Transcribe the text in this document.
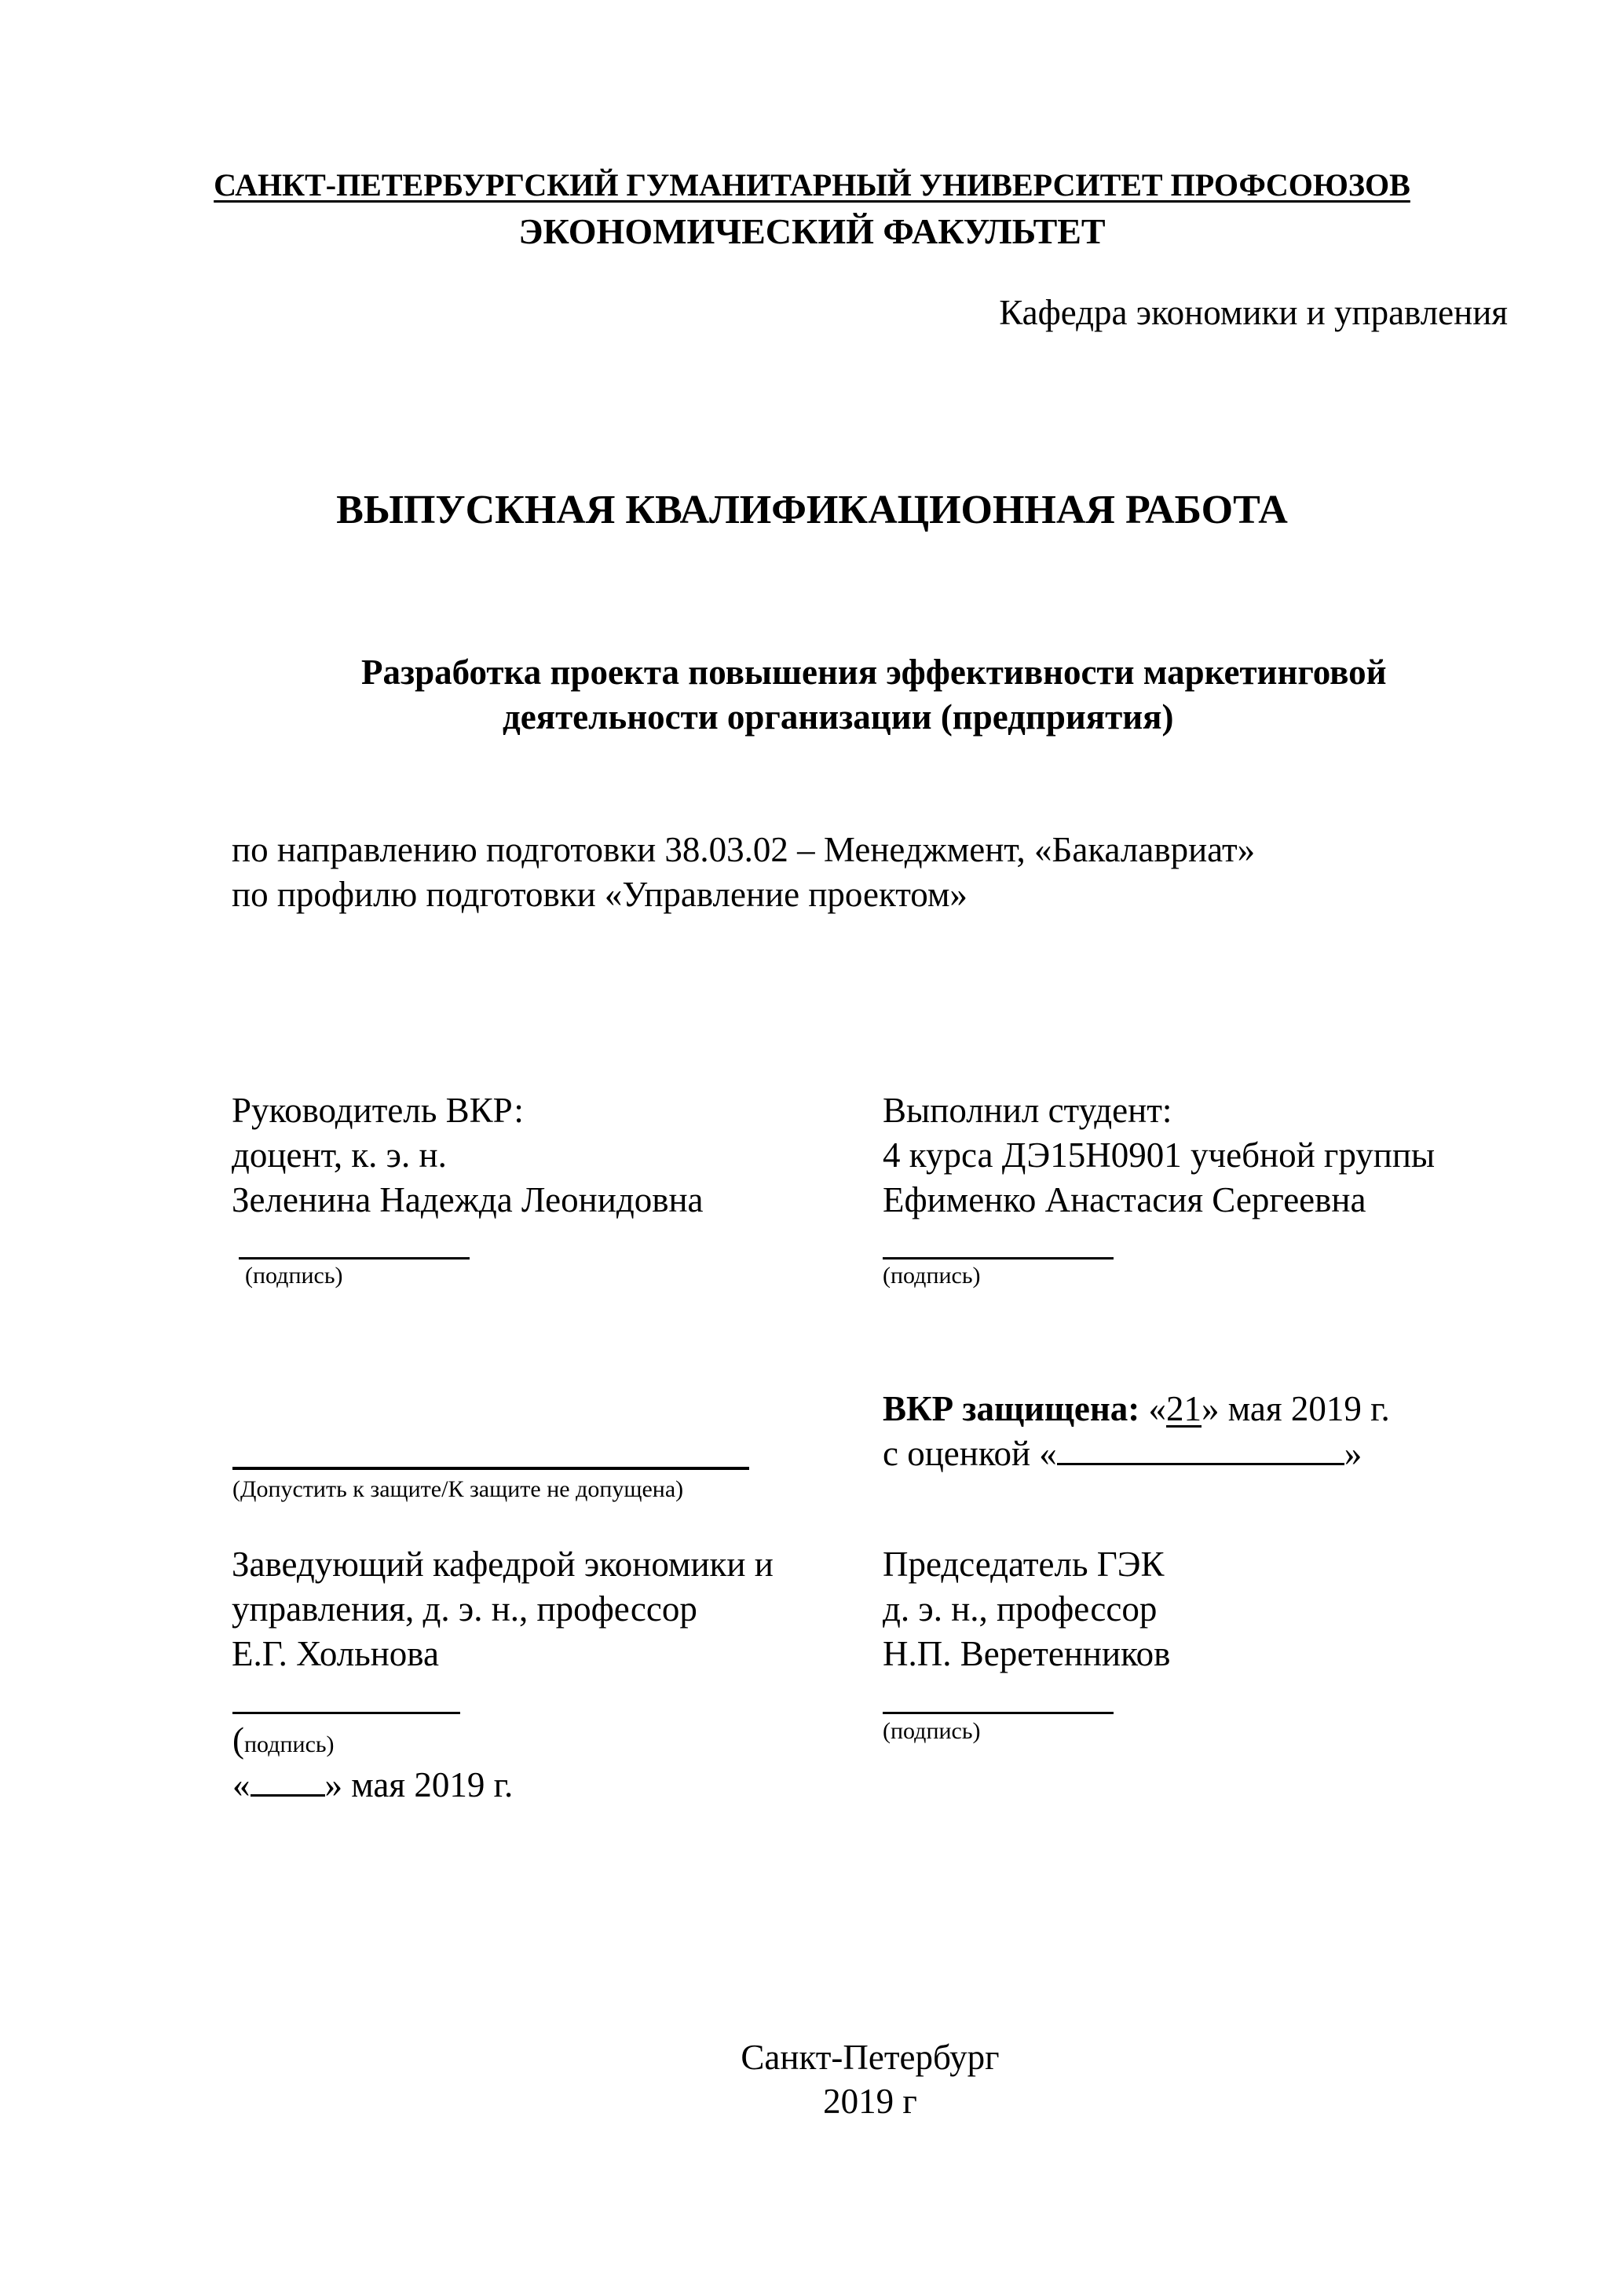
САНКТ-ПЕТЕРБУРГСКИЙ ГУМАНИТАРНЫЙ УНИВЕРСИТЕТ ПРОФСОЮЗОВ
ЭКОНОМИЧЕСКИЙ ФАКУЛЬТЕТ
Кафедра экономики и управления
ВЫПУСКНАЯ КВАЛИФИКАЦИОННАЯ РАБОТА
Разработка проекта повышения эффективности маркетинговой
деятельности организации (предприятия)
по направлению подготовки 38.03.02 – Менеджмент, «Бакалавриат»
по профилю подготовки «Управление проектом»
Руководитель ВКР:
доцент, к. э. н.
Зеленина Надежда Леонидовна
(подпись)
Выполнил студент:
4 курса ДЭ15Н0901 учебной группы
Ефименко Анастасия Сергеевна
(подпись)
(Допустить к защите/К защите не допущена)
ВКР защищена: «21» мая 2019 г.
с оценкой «	»
Заведующий кафедрой экономики и
управления, д. э. н., профессор
Е.Г. Хольнова
(подпись)
« » мая 2019 г.
Председатель ГЭК
д. э. н., профессор
Н.П. Веретенников
(подпись)
Санкт-Петербург
2019 г
